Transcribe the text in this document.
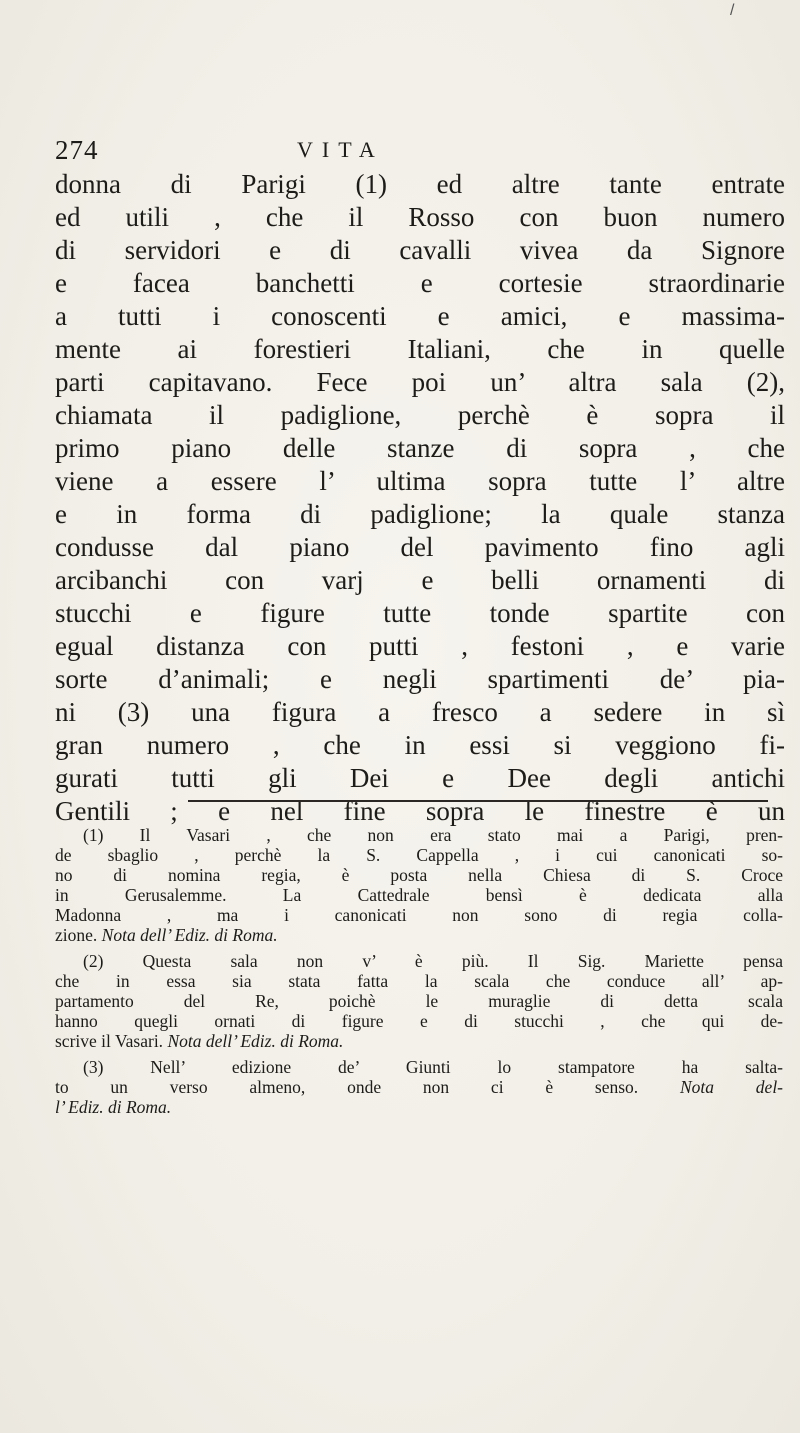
/
274	VITA
donna di Parigi (1) ed altre tante entrate
ed utili , che il Rosso con buon numero
di servidori e di cavalli vivea da Signore
e facea banchetti e cortesie straordinarie
a tutti i conoscenti e amici, e massima-
mente ai forestieri Italiani, che in quelle
parti capitavano. Fece poi un’ altra sala (2),
chiamata il padiglione, perchè è sopra il
primo piano delle stanze di sopra , che
viene a essere l’ ultima sopra tutte l’ altre
e in forma di padiglione; la quale stanza
condusse dal piano del pavimento fino agli
arcibanchi con varj e belli ornamenti di
stucchi e figure tutte tonde spartite con
egual distanza con putti , festoni , e varie
sorte d’animali; e negli spartimenti de’ pia-
ni (3) una figura a fresco a sedere in sì
gran numero , che in essi si veggiono fi-
gurati tutti gli Dei e Dee degli antichi
Gentili ; e nel fine sopra le finestre è un
(1) Il Vasari , che non era stato mai a Parigi, pren-
de sbaglio , perchè la S. Cappella , i cui canonicati so-
no di nomina regia, è posta nella Chiesa di S. Croce
in Gerusalemme. La Cattedrale bensì è dedicata alla
Madonna , ma i canonicati non sono di regia colla-
zione. Nota dell’ Ediz. di Roma.
(2) Questa sala non v’ è più. Il Sig. Mariette pensa
che in essa sia stata fatta la scala che conduce all’ ap-
partamento del Re, poichè le muraglie di detta scala
hanno quegli ornati di figure e di stucchi , che qui de-
scrive il Vasari. Nota dell’ Ediz. di Roma.
(3) Nell’ edizione de’ Giunti lo stampatore ha salta-
to un verso almeno, onde non ci è senso. Nota del-
l’ Ediz. di Roma.
